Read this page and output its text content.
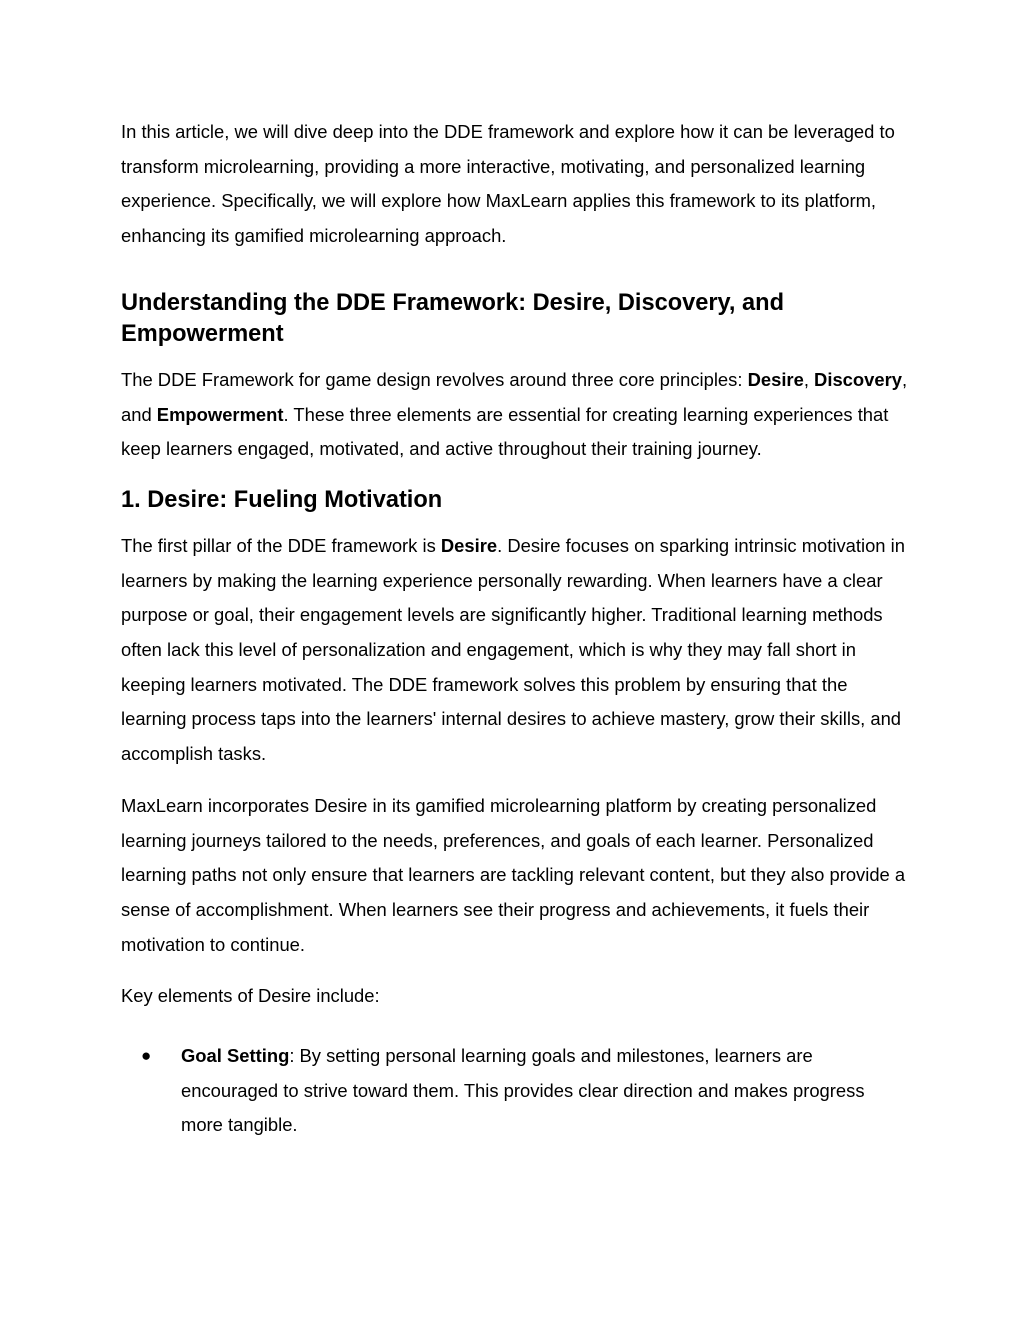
In this article, we will dive deep into the DDE framework and explore how it can be leveraged to transform microlearning, providing a more interactive, motivating, and personalized learning experience. Specifically, we will explore how MaxLearn applies this framework to its platform, enhancing its gamified microlearning approach.

Understanding the DDE Framework: Desire, Discovery, and Empowerment

The DDE Framework for game design revolves around three core principles: Desire, Discovery, and Empowerment. These three elements are essential for creating learning experiences that keep learners engaged, motivated, and active throughout their training journey.

1. Desire: Fueling Motivation

The first pillar of the DDE framework is Desire. Desire focuses on sparking intrinsic motivation in learners by making the learning experience personally rewarding. When learners have a clear purpose or goal, their engagement levels are significantly higher. Traditional learning methods often lack this level of personalization and engagement, which is why they may fall short in keeping learners motivated. The DDE framework solves this problem by ensuring that the learning process taps into the learners' internal desires to achieve mastery, grow their skills, and accomplish tasks.

MaxLearn incorporates Desire in its gamified microlearning platform by creating personalized learning journeys tailored to the needs, preferences, and goals of each learner. Personalized learning paths not only ensure that learners are tackling relevant content, but they also provide a sense of accomplishment. When learners see their progress and achievements, it fuels their motivation to continue.

Key elements of Desire include:

● Goal Setting: By setting personal learning goals and milestones, learners are encouraged to strive toward them. This provides clear direction and makes progress more tangible.
